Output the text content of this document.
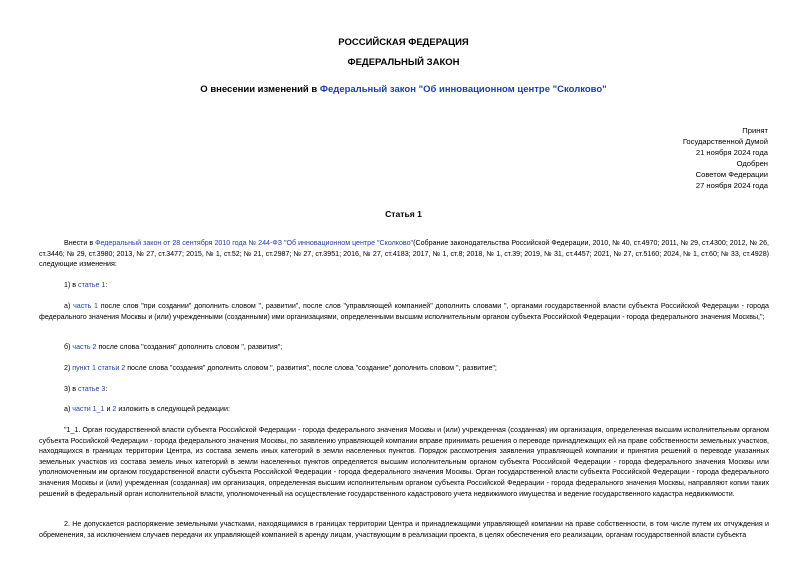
РОССИЙСКАЯ ФЕДЕРАЦИЯ
ФЕДЕРАЛЬНЫЙ ЗАКОН
О внесении изменений в Федеральный закон "Об инновационном центре "Сколково"
Принят
Государственной Думой
21 ноября 2024 года
Одобрен
Советом Федерации
27 ноября 2024 года
Статья 1

Внести в Федеральный закон от 28 сентября 2010 года № 244-ФЗ "Об инновационном центре "Сколково"(Собрание законодательства Российской Федерации, 2010, № 40, ст.4970; 2011, № 29, ст.4300; 2012, № 26, ст.3446; № 29, ст.3980; 2013, № 27, ст.3477; 2015, № 1, ст.52; № 21, ст.2987; № 27, ст.3951; 2016, № 27, ст.4183; 2017, № 1, ст.8; 2018, № 1, ст.39; 2019, № 31, ст.4457; 2021, № 27, ст.5160; 2024, № 1, ст.60; № 33, ст.4928) следующие изменения:

1) в статье 1:

а) часть 1 после слов "при создании" дополнить словом ", развитии", после слов "управляющей компанией" дополнить словами ", органами государственной власти субъекта Российской Федерации - города федерального значения Москвы и (или) учрежденными (созданными) ими организациями, определенными высшим исполнительным органом субъекта Российской Федерации - города федерального значения Москвы,";

б) часть 2 после слова "создания" дополнить словом ", развития";

2) пункт 1 статьи 2 после слова "создания" дополнить словом ", развития", после слова "создание" дополнить словом ", развитие";

3) в статье 3:

а) части 1_1 и 2 изложить в следующей редакции:

"1_1. Орган государственной власти субъекта Российской Федерации - города федерального значения Москвы и (или) учрежденная (созданная) им организация, определенная высшим исполнительным органом субъекта Российской Федерации - города федерального значения Москвы, по заявлению управляющей компании вправе принимать решения о переводе принадлежащих ей на праве собственности земельных участков, находящихся в границах территории Центра, из состава земель иных категорий в земли населенных пунктов. Порядок рассмотрения заявления управляющей компании и принятия решений о переводе указанных земельных участков из состава земель иных категорий в земли населенных пунктов определяется высшим исполнительным органом субъекта Российской Федерации - города федерального значения Москвы или уполномоченным им органом государственной власти субъекта Российской Федерации - города федерального значения Москвы. Орган государственной власти субъекта Российской Федерации - города федерального значения Москвы и (или) учрежденная (созданная) им организация, определенная высшим исполнительным органом субъекта Российской Федерации - города федерального значения Москвы, направляют копии таких решений в федеральный орган исполнительной власти, уполномоченный на осуществление государственного кадастрового учета недвижимого имущества и ведение государственного кадастра недвижимости.

2. Не допускается распоряжение земельными участками, находящимися в границах территории Центра и принадлежащими управляющей компании на праве собственности, в том числе путем их отчуждения и обременения, за исключением случаев передачи их управляющей компанией в аренду лицам, участвующим в реализации проекта, в целях обеспечения его реализации, органам государственной власти субъекта
